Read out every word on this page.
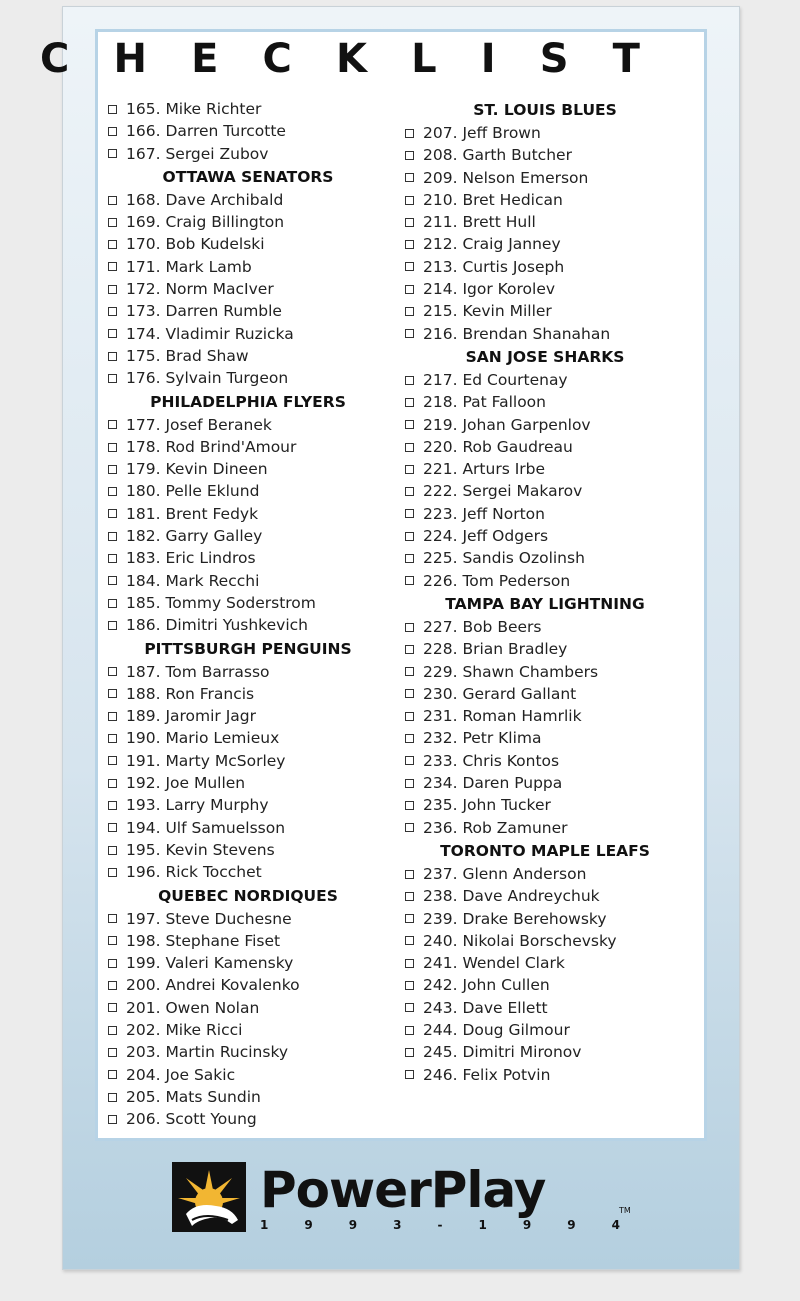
C H E C K L I S T
165. Mike Richter
166. Darren Turcotte
167. Sergei Zubov
OTTAWA SENATORS
168. Dave Archibald
169. Craig Billington
170. Bob Kudelski
171. Mark Lamb
172. Norm MacIver
173. Darren Rumble
174. Vladimir Ruzicka
175. Brad Shaw
176. Sylvain Turgeon
PHILADELPHIA FLYERS
177. Josef Beranek
178. Rod Brind'Amour
179. Kevin Dineen
180. Pelle Eklund
181. Brent Fedyk
182. Garry Galley
183. Eric Lindros
184. Mark Recchi
185. Tommy Soderstrom
186. Dimitri Yushkevich
PITTSBURGH PENGUINS
187. Tom Barrasso
188. Ron Francis
189. Jaromir Jagr
190. Mario Lemieux
191. Marty McSorley
192. Joe Mullen
193. Larry Murphy
194. Ulf Samuelsson
195. Kevin Stevens
196. Rick Tocchet
QUEBEC NORDIQUES
197. Steve Duchesne
198. Stephane Fiset
199. Valeri Kamensky
200. Andrei Kovalenko
201. Owen Nolan
202. Mike Ricci
203. Martin Rucinsky
204. Joe Sakic
205. Mats Sundin
206. Scott Young
ST. LOUIS BLUES
207. Jeff Brown
208. Garth Butcher
209. Nelson Emerson
210. Bret Hedican
211. Brett Hull
212. Craig Janney
213. Curtis Joseph
214. Igor Korolev
215. Kevin Miller
216. Brendan Shanahan
SAN JOSE SHARKS
217. Ed Courtenay
218. Pat Falloon
219. Johan Garpenlov
220. Rob Gaudreau
221. Arturs Irbe
222. Sergei Makarov
223. Jeff Norton
224. Jeff Odgers
225. Sandis Ozolinsh
226. Tom Pederson
TAMPA BAY LIGHTNING
227. Bob Beers
228. Brian Bradley
229. Shawn Chambers
230. Gerard Gallant
231. Roman Hamrlik
232. Petr Klima
233. Chris Kontos
234. Daren Puppa
235. John Tucker
236. Rob Zamuner
TORONTO MAPLE LEAFS
237. Glenn Anderson
238. Dave Andreychuk
239. Drake Berehowsky
240. Nikolai Borschevsky
241. Wendel Clark
242. John Cullen
243. Dave Ellett
244. Doug Gilmour
245. Dimitri Mironov
246. Felix Potvin
PowerPlay	TM
1	9	9	3	-	1	9	9	4
